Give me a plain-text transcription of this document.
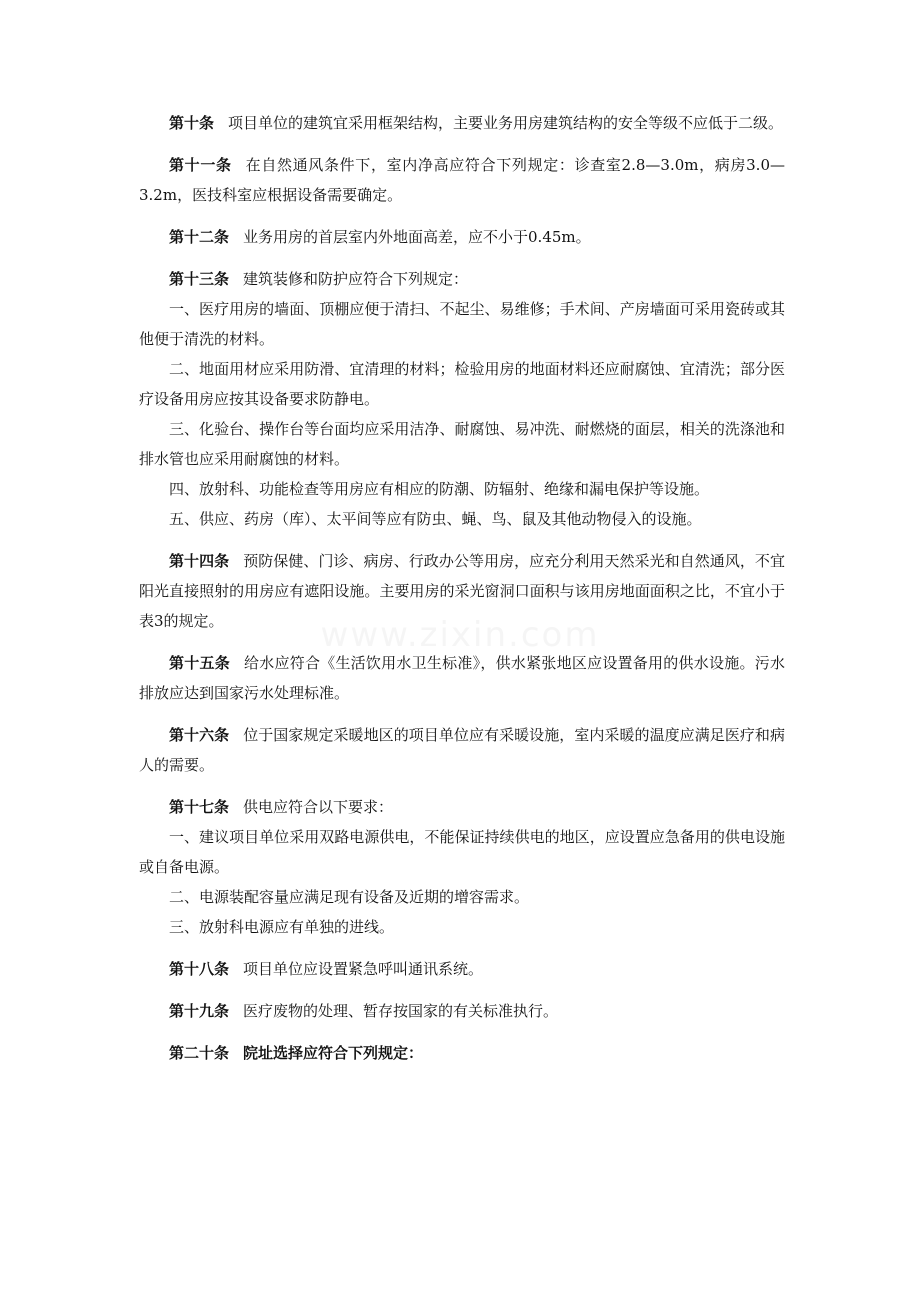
www.zixin.com

第十条 项目单位的建筑宜采用框架结构，主要业务用房建筑结构的安全等级不应低于二级。

第十一条 在自然通风条件下，室内净高应符合下列规定：诊查室2.8—3.0m，病房3.0—3.2m，医技科室应根据设备需要确定。

第十二条 业务用房的首层室内外地面高差，应不小于0.45m。

第十三条 建筑装修和防护应符合下列规定：

一、医疗用房的墙面、顶棚应便于清扫、不起尘、易维修；手术间、产房墙面可采用瓷砖或其他便于清洗的材料。

二、地面用材应采用防滑、宜清理的材料；检验用房的地面材料还应耐腐蚀、宜清洗；部分医疗设备用房应按其设备要求防静电。

三、化验台、操作台等台面均应采用洁净、耐腐蚀、易冲洗、耐燃烧的面层，相关的洗涤池和排水管也应采用耐腐蚀的材料。

四、放射科、功能检查等用房应有相应的防潮、防辐射、绝缘和漏电保护等设施。

五、供应、药房（库）、太平间等应有防虫、蝇、鸟、鼠及其他动物侵入的设施。

第十四条 预防保健、门诊、病房、行政办公等用房，应充分利用天然采光和自然通风，不宜阳光直接照射的用房应有遮阳设施。主要用房的采光窗洞口面积与该用房地面面积之比，不宜小于表3的规定。

第十五条 给水应符合《生活饮用水卫生标准》，供水紧张地区应设置备用的供水设施。污水排放应达到国家污水处理标准。

第十六条 位于国家规定采暖地区的项目单位应有采暖设施，室内采暖的温度应满足医疗和病人的需要。

第十七条 供电应符合以下要求：

一、建议项目单位采用双路电源供电，不能保证持续供电的地区，应设置应急备用的供电设施或自备电源。

二、电源装配容量应满足现有设备及近期的增容需求。

三、放射科电源应有单独的进线。

第十八条 项目单位应设置紧急呼叫通讯系统。

第十九条 医疗废物的处理、暂存按国家的有关标准执行。

第二十条 院址选择应符合下列规定：
